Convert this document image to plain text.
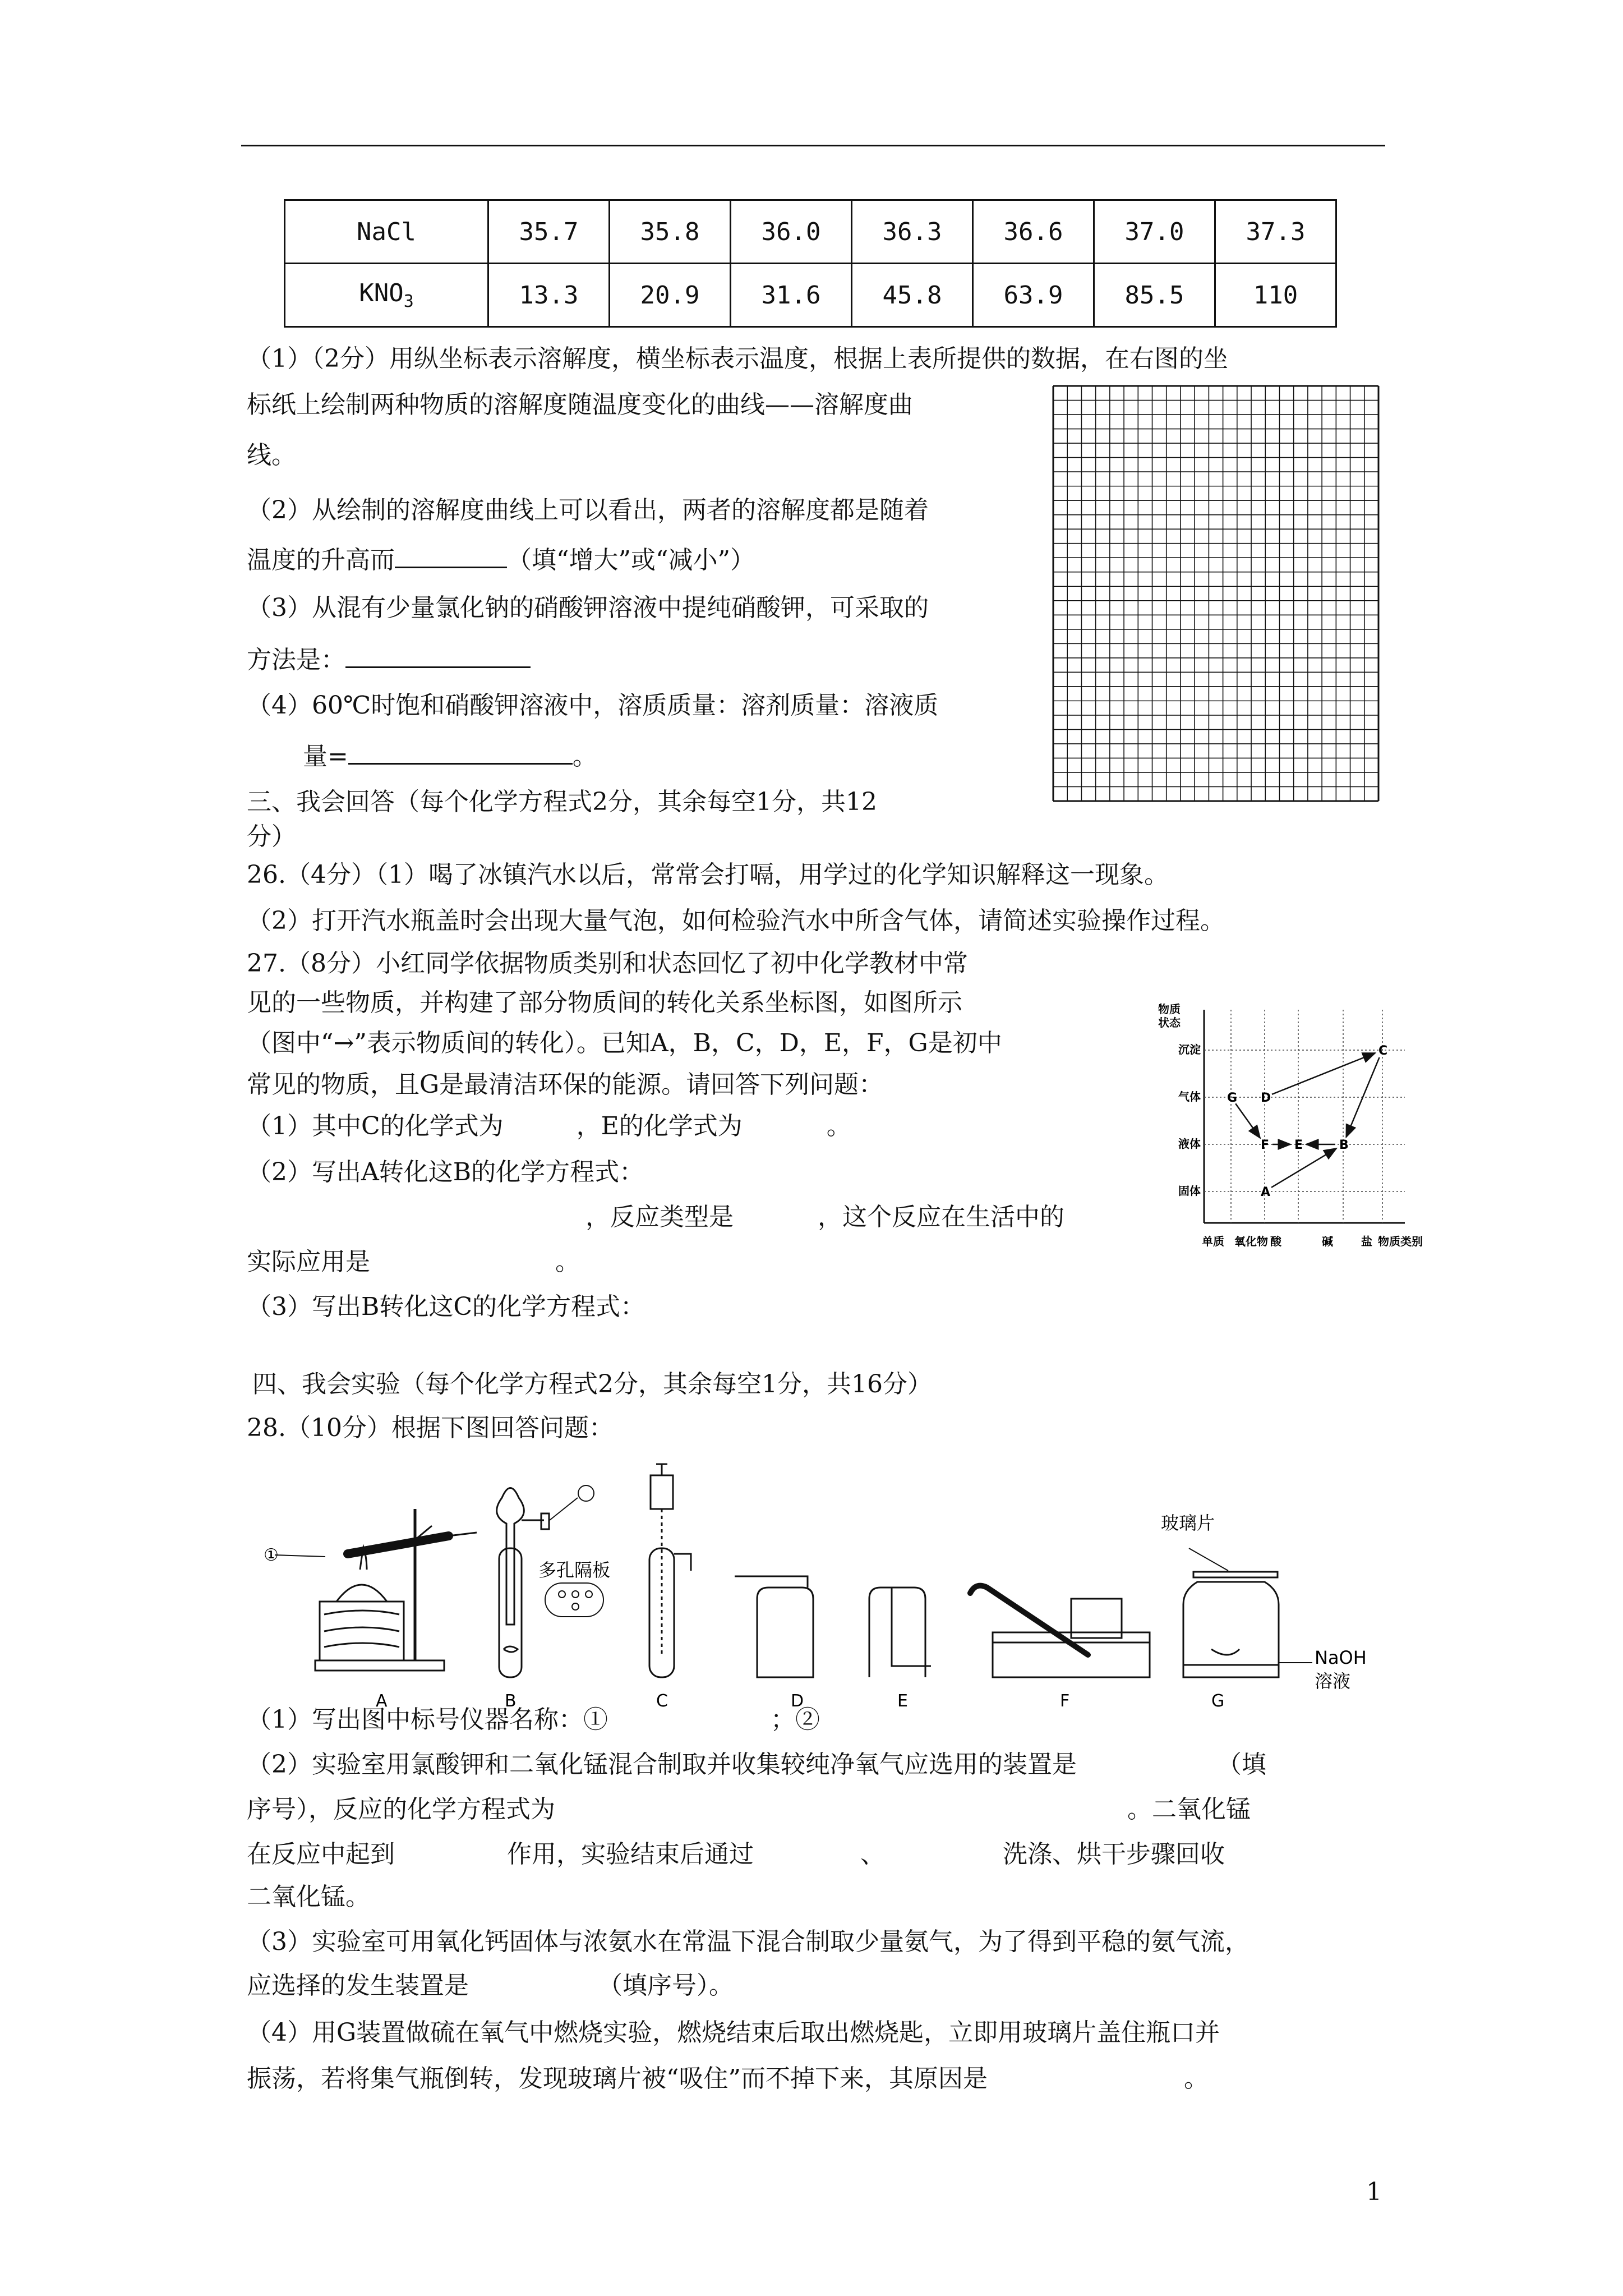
NaCl	35.7	35.8	36.0	36.3	36.6	37.0	37.3
$KNO_3$	13.3	20.9	31.6	45.8	63.9	85.5	110
（1）（2分）用纵坐标表示溶解度，横坐标表示温度，根据上表所提供的数据，在右图的坐
标纸上绘制两种物质的溶解度随温度变化的曲线——溶解度曲
线。
（2）从绘制的溶解度曲线上可以看出，两者的溶解度都是随着
温度的升高而	（填“增大”或“减小”）
（3）从混有少量氯化钠的硝酸钾溶液中提纯硝酸钾，可采取的
方法是：
（4）60℃时饱和硝酸钾溶液中，溶质质量：溶剂质量：溶液质
量=	。
三、我会回答（每个化学方程式2分，其余每空1分，共12
分）
26.（4分）（1）喝了冰镇汽水以后，常常会打嗝，用学过的化学知识解释这一现象。
（2）打开汽水瓶盖时会出现大量气泡，如何检验汽水中所含气体，请简述实验操作过程。
27.（8分）小红同学依据物质类别和状态回忆了初中化学教材中常
见的一些物质，并构建了部分物质间的转化关系坐标图，如图所示
（图中“→”表示物质间的转化）。已知A，B，C，D，E，F，G是初中
常见的物质，且G是最清洁环保的能源。请回答下列问题：
（1）其中C的化学式为	，E的化学式为	。
（2）写出A转化这B的化学方程式：
，反应类型是	，这个反应在生活中的
实际应用是	。
（3）写出B转化这C的化学方程式：
物质 状态
G D
C
F E	B
A
沉淀
气体
液体
固体
单质 氧化物 酸	碱	盐 物质类别
四、我会实验（每个化学方程式2分，其余每空1分，共16分）
28.（10分）根据下图回答问题：
①
多孔隔板
玻璃片
NaOH
溶液
A	B	C	D	E	F	G
（1）写出图中标号仪器名称：①	；②
（2）实验室用氯酸钾和二氧化锰混合制取并收集较纯净氧气应选用的装置是	（填
序号），反应的化学方程式为	。二氧化锰
在反应中起到	作用，实验结束后通过	、	洗涤、烘干步骤回收
二氧化锰。
（3）实验室可用氧化钙固体与浓氨水在常温下混合制取少量氨气，为了得到平稳的氨气流，
应选择的发生装置是	（填序号）。
（4）用G装置做硫在氧气中燃烧实验，燃烧结束后取出燃烧匙，立即用玻璃片盖住瓶口并
振荡，若将集气瓶倒转，发现玻璃片被“吸住”而不掉下来，其原因是	。
1
